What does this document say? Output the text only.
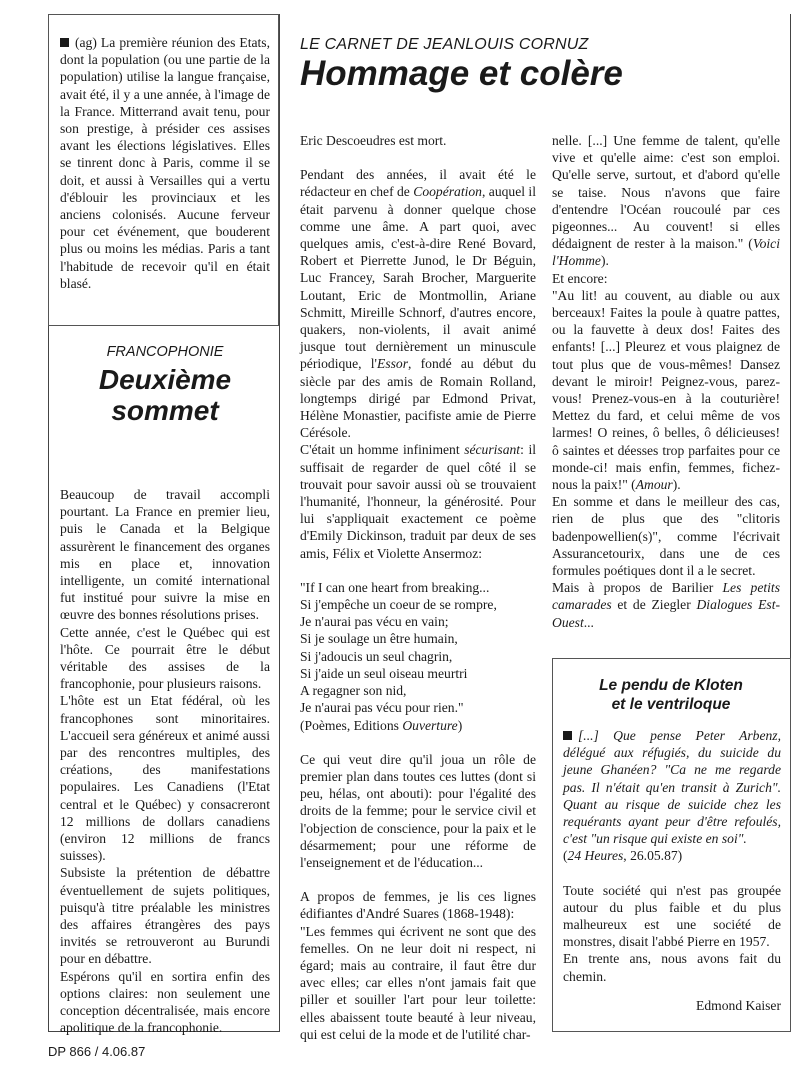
(ag) La première réunion des Etats, dont la population (ou une partie de la population) utilise la langue française, avait été, il y a une année, à l'image de la France. Mitterrand avait tenu, pour son prestige, à présider ces assises avant les élections législatives. Elles se tinrent donc à Paris, comme il se doit, et aussi à Versailles qui a vertu d'éblouir les provinciaux et les anciens colonisés. Aucune ferveur pour cet événement, que bouderent plus ou moins les médias. Paris a tant l'habitude de recevoir qu'il en était blasé.

FRANCOPHONIE
Deuxième
sommet

Beaucoup de travail accompli pourtant. La France en premier lieu, puis le Canada et la Belgique assurèrent le financement des organes mis en place et, innovation intelligente, un comité international fut institué pour suivre la mise en œuvre des bonnes résolutions prises.

Cette année, c'est le Québec qui est l'hôte. Ce pourrait être le début véritable des assises de la francophonie, pour plusieurs raisons.

L'hôte est un Etat fédéral, où les francophones sont minoritaires. L'accueil sera généreux et animé aussi par des rencontres multiples, des créations, des manifestations populaires. Les Canadiens (l'Etat central et le Québec) y consacreront 12 millions de dollars canadiens (environ 12 millions de francs suisses).

Subsiste la prétention de débattre éventuellement de sujets politiques, puisqu'à titre préalable les ministres des affaires étrangères des pays invités se retrouveront au Burundi pour en débattre.

Espérons qu'il en sortira enfin des options claires: non seulement une conception décentralisée, mais encore apolitique de la francophonie.

LE CARNET DE JEANLOUIS CORNUZ
Hommage et colère

Eric Descoeudres est mort.

Pendant des années, il avait été le rédacteur en chef de Coopération, auquel il était parvenu à donner quelque chose comme une âme. A part quoi, avec quelques amis, c'est-à-dire René Bovard, Robert et Pierrette Junod, le Dr Béguin, Luc Francey, Sarah Brocher, Marguerite Loutant, Eric de Montmollin, Ariane Schmitt, Mireille Schnorf, d'autres encore, quakers, non-violents, il avait animé jusque tout dernièrement un minuscule périodique, l'Essor, fondé au début du siècle par des amis de Romain Rolland, longtemps dirigé par Edmond Privat, Hélène Monastier, pacifiste amie de Pierre Cérésole.

C'était un homme infiniment sécurisant: il suffisait de regarder de quel côté il se trouvait pour savoir aussi où se trouvaient l'humanité, l'honneur, la générosité. Pour lui s'appliquait exactement ce poème d'Emily Dickinson, traduit par deux de ses amis, Félix et Violette Ansermoz:

"If I can one heart from breaking...

Si j'empêche un coeur de se rompre,

Je n'aurai pas vécu en vain;

Si je soulage un être humain,

Si j'adoucis un seul chagrin,

Si j'aide un seul oiseau meurtri

A regagner son nid,

Je n'aurai pas vécu pour rien."

(Poèmes, Editions Ouverture)

Ce qui veut dire qu'il joua un rôle de premier plan dans toutes ces luttes (dont si peu, hélas, ont abouti): pour l'égalité des droits de la femme; pour le service civil et l'objection de conscience, pour la paix et le désarmement; pour une réforme de l'enseignement et de l'éducation...

A propos de femmes, je lis ces lignes édifiantes d'André Suares (1868-1948):

"Les femmes qui écrivent ne sont que des femelles. On ne leur doit ni respect, ni égard; mais au contraire, il faut être dur avec elles; car elles n'ont jamais fait que piller et souiller l'art pour leur toilette: elles abaissent toute beauté à leur niveau, qui est celui de la mode et de l'utilité char-

nelle. [...] Une femme de talent, qu'elle vive et qu'elle aime: c'est son emploi. Qu'elle serve, surtout, et d'abord qu'elle se taise. Nous n'avons que faire d'entendre l'Océan roucoulé par ces pigeonnes... Au couvent! si elles dédaignent de rester à la maison." (Voici l'Homme).

Et encore:

"Au lit! au couvent, au diable ou aux berceaux! Faites la poule à quatre pattes, ou la fauvette à deux dos! Faites des enfants! [...] Pleurez et vous plaignez de tout plus que de vous-mêmes! Dansez devant le miroir! Peignez-vous, parez-vous! Prenez-vous-en à la couturière! Mettez du fard, et celui même de vos larmes! O reines, ô belles, ô délicieuses! ô saintes et déesses trop parfaites pour ce monde-ci! mais enfin, femmes, fichez-nous la paix!" (Amour).

En somme et dans le meilleur des cas, rien de plus que des "clitoris badenpowellien(s)", comme l'écrivait Assurancetourix, dans une de ces formules poétiques dont il a le secret.

Mais à propos de Barilier Les petits camarades et de Ziegler Dialogues Est-Ouest...

Le pendu de Kloten
et le ventriloque

[...] Que pense Peter Arbenz, délégué aux réfugiés, du suicide du jeune Ghanéen? "Ca ne me regarde pas. Il n'était qu'en transit à Zurich". Quant au risque de suicide chez les requérants ayant peur d'être refoulés, c'est "un risque qui existe en soi".

(24 Heures, 26.05.87)

Toute société qui n'est pas groupée autour du plus faible et du plus malheureux est une société de monstres, disait l'abbé Pierre en 1957.

En trente ans, nous avons fait du chemin.

Edmond Kaiser

DP 866 / 4.06.87
